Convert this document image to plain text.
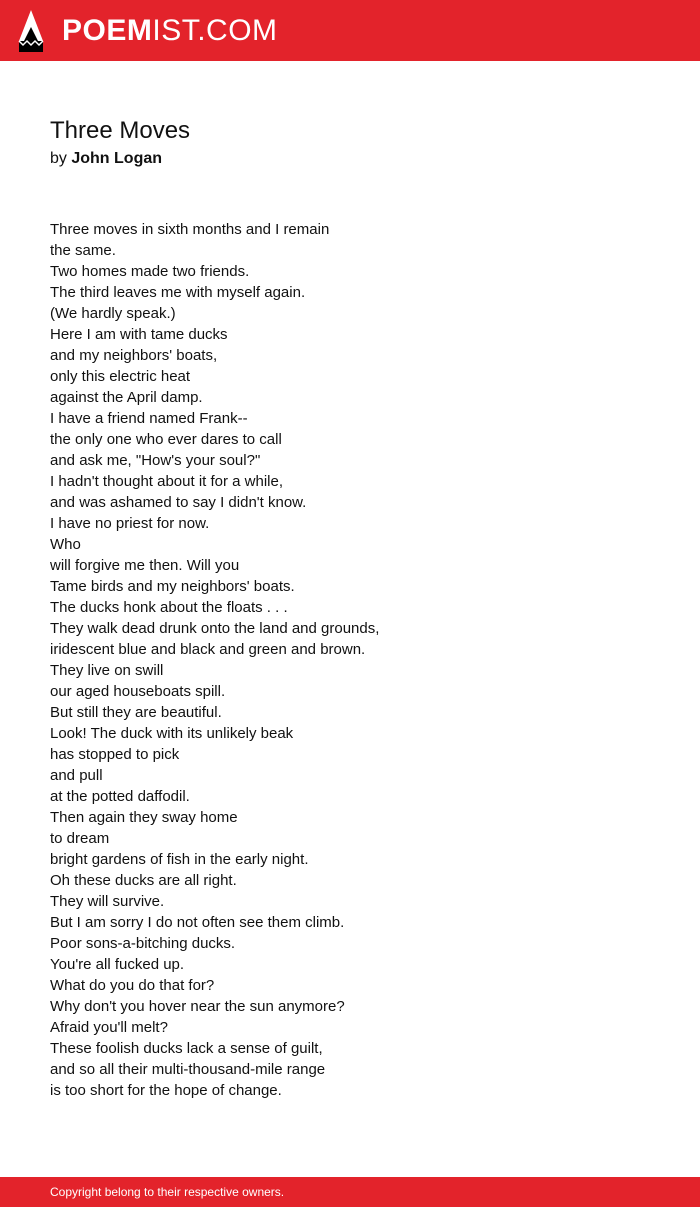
POEMIST.COM
Three Moves
by John Logan
Three moves in sixth months and I remain
the same.
Two homes made two friends.
The third leaves me with myself again.
(We hardly speak.)
Here I am with tame ducks
and my neighbors' boats,
only this electric heat
against the April damp.
I have a friend named Frank--
the only one who ever dares to call
and ask me, "How's your soul?"
I hadn't thought about it for a while,
and was ashamed to say I didn't know.
I have no priest for now.
Who
will forgive me then. Will you
Tame birds and my neighbors' boats.
The ducks honk about the floats . . .
They walk dead drunk onto the land and grounds,
iridescent blue and black and green and brown.
They live on swill
our aged houseboats spill.
But still they are beautiful.
Look! The duck with its unlikely beak
has stopped to pick
and pull
at the potted daffodil.
Then again they sway home
to dream
bright gardens of fish in the early night.
Oh these ducks are all right.
They will survive.
But I am sorry I do not often see them climb.
Poor sons-a-bitching ducks.
You're all fucked up.
What do you do that for?
Why don't you hover near the sun anymore?
Afraid you'll melt?
These foolish ducks lack a sense of guilt,
and so all their multi-thousand-mile range
is too short for the hope of change.
Copyright belong to their respective owners.
